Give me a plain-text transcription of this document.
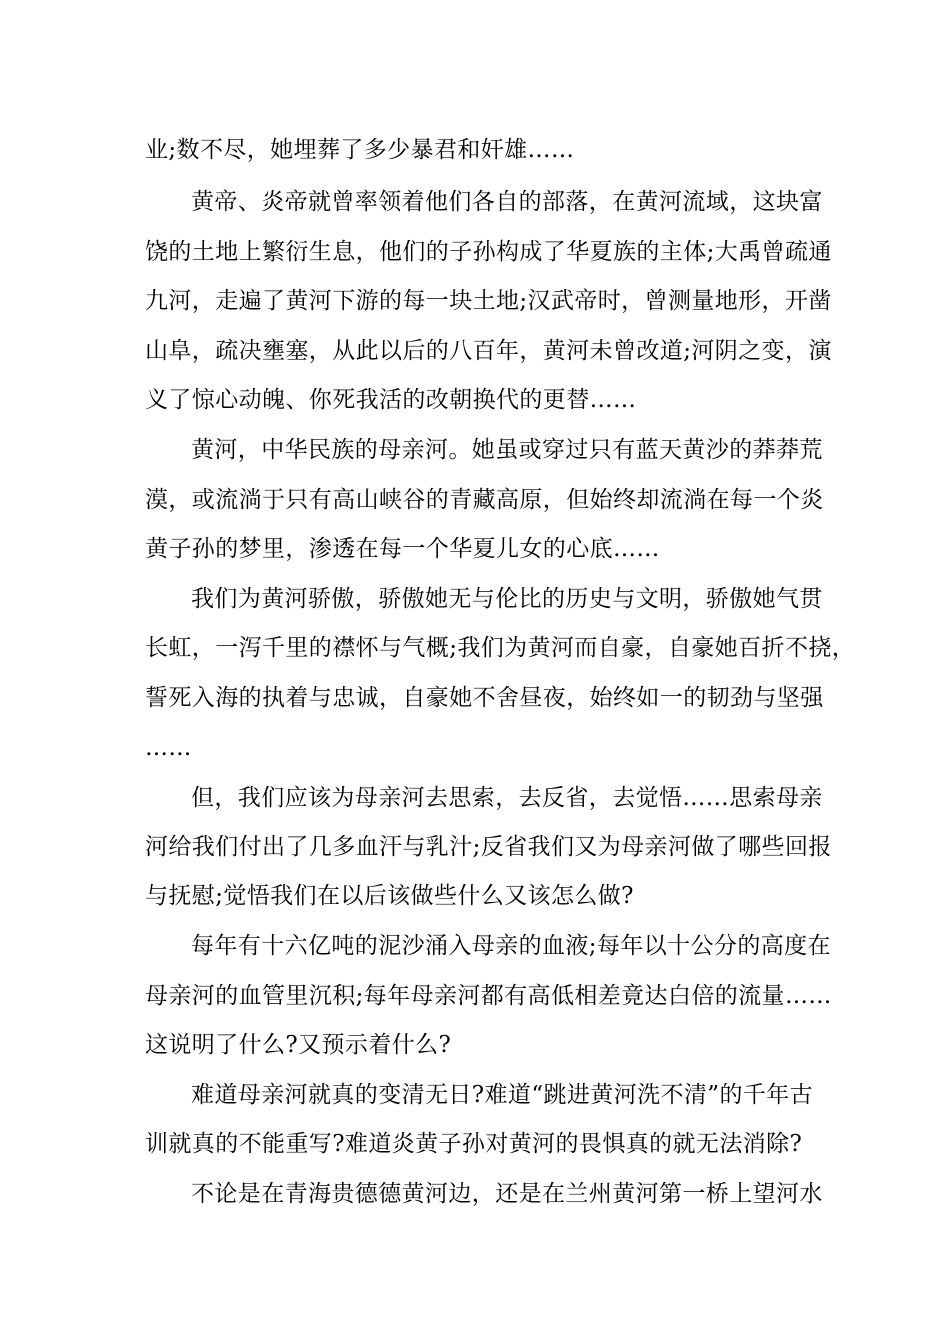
业;数不尽，她埋葬了多少暴君和奸雄……
黄帝、炎帝就曾率领着他们各自的部落，在黄河流域，这块富
饶的土地上繁衍生息，他们的子孙构成了华夏族的主体;大禹曾疏通
九河，走遍了黄河下游的每一块土地;汉武帝时，曾测量地形，开凿
山阜，疏决壅塞，从此以后的八百年，黄河未曾改道;河阴之变，演
义了惊心动魄、你死我活的改朝换代的更替……
黄河，中华民族的母亲河。她虽或穿过只有蓝天黄沙的莽莽荒
漠，或流淌于只有高山峡谷的青藏高原，但始终却流淌在每一个炎
黄子孙的梦里，渗透在每一个华夏儿女的心底……
我们为黄河骄傲，骄傲她无与伦比的历史与文明，骄傲她气贯
长虹，一泻千里的襟怀与气概;我们为黄河而自豪，自豪她百折不挠，
誓死入海的执着与忠诚，自豪她不舍昼夜，始终如一的韧劲与坚强
……
但，我们应该为母亲河去思索，去反省，去觉悟……思索母亲
河给我们付出了几多血汗与乳汁;反省我们又为母亲河做了哪些回报
与抚慰;觉悟我们在以后该做些什么又该怎么做?
每年有十六亿吨的泥沙涌入母亲的血液;每年以十公分的高度在
母亲河的血管里沉积;每年母亲河都有高低相差竟达白倍的流量……
这说明了什么?又预示着什么?
难道母亲河就真的变清无日?难道“跳进黄河洗不清”的千年古
训就真的不能重写?难道炎黄子孙对黄河的畏惧真的就无法消除?
不论是在青海贵德德黄河边，还是在兰州黄河第一桥上望河水
